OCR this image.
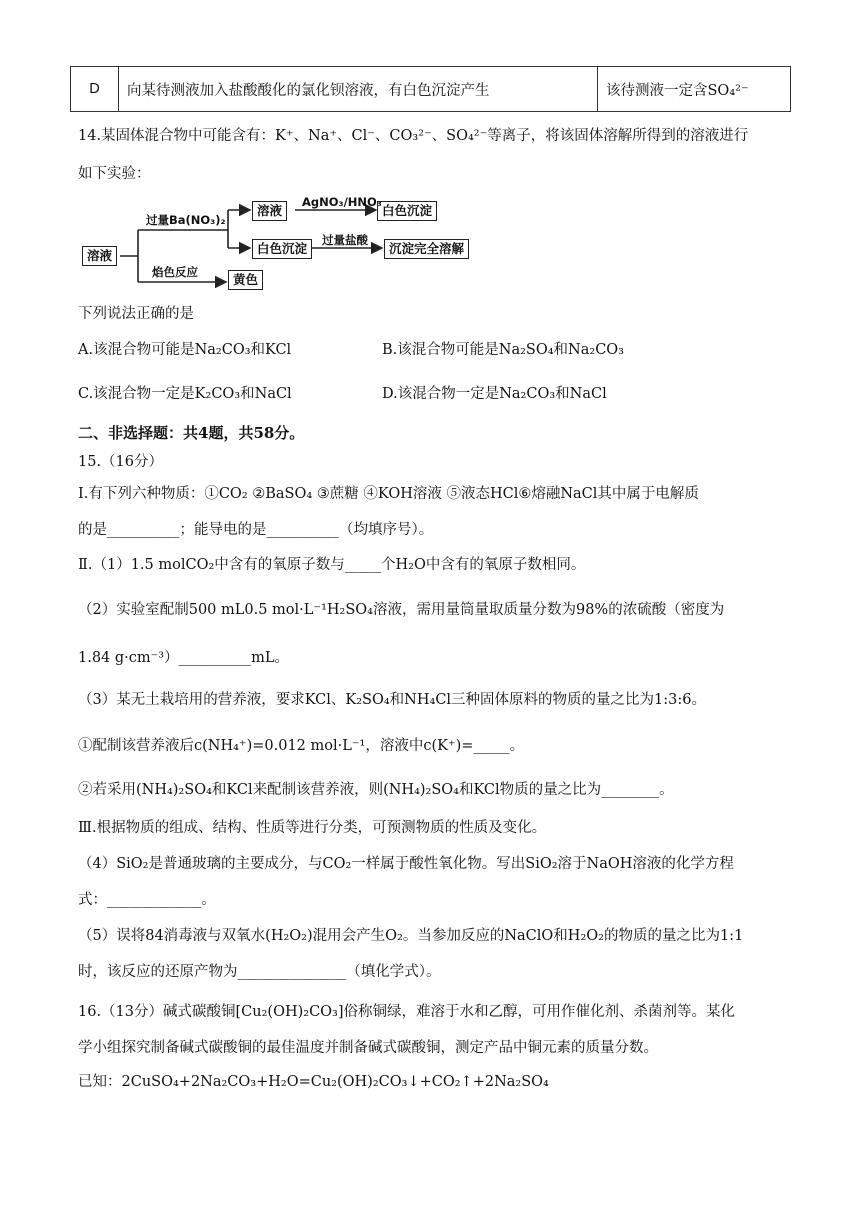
D	向某待测液加入盐酸酸化的氯化钡溶液，有白色沉淀产生	该待测液一定含SO₄²⁻
14.某固体混合物中可能含有：K⁺、Na⁺、Cl⁻、CO₃²⁻、SO₄²⁻等离子，将该固体溶解所得到的溶液进行
如下实验：
溶液
过量Ba(NO₃)₂
焰色反应
溶液
AgNO₃/HNO₃
白色沉淀
白色沉淀
过量盐酸
沉淀完全溶解
黄色
下列说法正确的是
A.该混合物可能是Na₂CO₃和KCl	B.该混合物可能是Na₂SO₄和Na₂CO₃
C.该混合物一定是K₂CO₃和NaCl	D.该混合物一定是Na₂CO₃和NaCl
二、非选择题：共4题，共58分。
15.（16分）
Ⅰ.有下列六种物质：①CO₂ ②BaSO₄ ③蔗糖 ④KOH溶液 ⑤液态HCl⑥熔融NaCl其中属于电解质
的是__________；能导电的是__________（均填序号）。
Ⅱ.（1）1.5 molCO₂中含有的氧原子数与_____个H₂O中含有的氧原子数相同。
（2）实验室配制500 mL0.5 mol·L⁻¹H₂SO₄溶液，需用量筒量取质量分数为98%的浓硫酸（密度为
1.84 g·cm⁻³）__________mL。
（3）某无土栽培用的营养液，要求KCl、K₂SO₄和NH₄Cl三种固体原料的物质的量之比为1:3:6。
①配制该营养液后c(NH₄⁺)=0.012 mol·L⁻¹，溶液中c(K⁺)=_____。
②若采用(NH₄)₂SO₄和KCl来配制该营养液，则(NH₄)₂SO₄和KCl物质的量之比为________。
Ⅲ.根据物质的组成、结构、性质等进行分类，可预测物质的性质及变化。
（4）SiO₂是普通玻璃的主要成分，与CO₂一样属于酸性氧化物。写出SiO₂溶于NaOH溶液的化学方程
式：_____________。
（5）误将84消毒液与双氧水(H₂O₂)混用会产生O₂。当参加反应的NaClO和H₂O₂的物质的量之比为1:1
时，该反应的还原产物为_______________（填化学式）。
16.（13分）碱式碳酸铜[Cu₂(OH)₂CO₃]俗称铜绿，难溶于水和乙醇，可用作催化剂、杀菌剂等。某化
学小组探究制备碱式碳酸铜的最佳温度并制备碱式碳酸铜，测定产品中铜元素的质量分数。
已知：2CuSO₄+2Na₂CO₃+H₂O=Cu₂(OH)₂CO₃↓+CO₂↑+2Na₂SO₄
